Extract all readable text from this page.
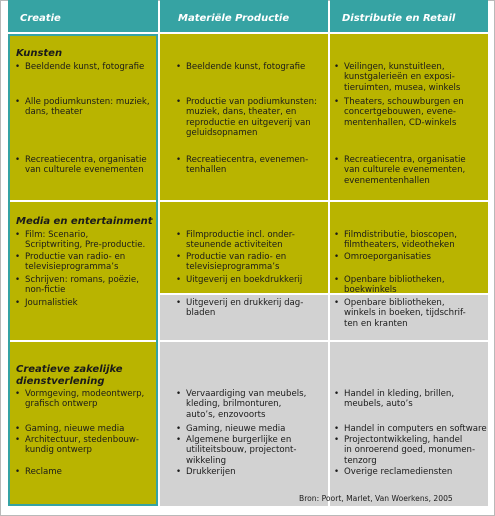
Creatie	Materiële Productie	Distributie en Retail
Kunsten
Media en entertainment
Creatieve zakelijke
dienstverlening
• Beeldende kunst, fotografie
• Alle podiumkunsten: muziek,
dans, theater
• Recreatiecentra, organisatie
van culturele evenementen
• Film: Scenario,
Scriptwriting, Pre-productie.
• Productie van radio- en
televisieprogramma’s
• Schrijven: romans, poëzie,
non-fictie
• Journalistiek
• Vormgeving, modeontwerp,
grafisch ontwerp
• Gaming, nieuwe media
• Architectuur, stedenbouw-
kundig ontwerp
• Reclame
• Beeldende kunst, fotografie
• Productie van podiumkunsten:
muziek, dans, theater, en
reproductie en uitgeverij van
geluidsopnamen
• Recreatiecentra, evenemen-
tenhallen
• Filmproductie incl. onder-
steunende activiteiten
• Productie van radio- en
televisieprogramma’s
• Uitgeverij en boekdrukkerij
• Uitgeverij en drukkerij dag-
bladen
• Vervaardiging van meubels,
kleding, brilmonturen,
auto’s, enzovoorts
• Gaming, nieuwe media
• Algemene burgerlijke en
utiliteitsbouw, projectont-
wikkeling
• Drukkerijen
• Veilingen, kunstuitleen,
kunstgalerieën en exposi-
tieruimten, musea, winkels
• Theaters, schouwburgen en
concertgebouwen, evene-
mentenhallen, CD-winkels
• Recreatiecentra, organisatie
van culturele evenementen,
evenementenhallen
• Filmdistributie, bioscopen,
filmtheaters, videotheken
• Omroeporganisaties
• Openbare bibliotheken,
boekwinkels
• Openbare bibliotheken,
winkels in boeken, tijdschrif-
ten en kranten
• Handel in kleding, brillen,
meubels, auto’s
• Handel in computers en software
• Projectontwikkeling, handel
in onroerend goed, monumen-
tenzorg
• Overige reclamediensten
Bron: Poort, Marlet, Van Woerkens, 2005
